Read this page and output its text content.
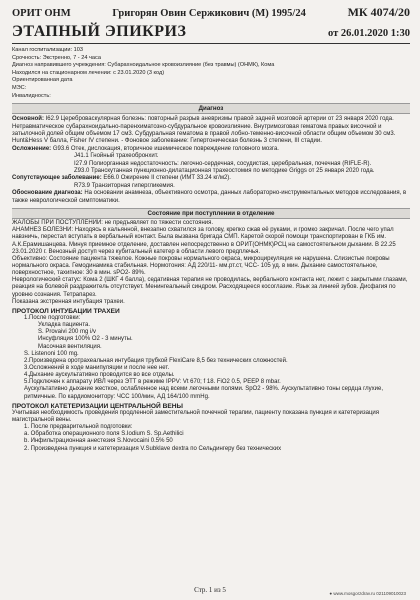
ОРИТ ОНМ	Григорян Овин Серж​икович (М) 1995/24	МК 4074/20
ЭТАПНЫЙ ЭПИКРИЗ	от 26.01.2020 1:30
Канал госпитализации: 103
Срочность: Экстренно, 7 - 24 часа
Диагноз направившего учреждения: Субарахноидальное кровоизлияние (без травмы) (ОНМК), Кома
Находился на стационарном лечении: с 23.01.2020 (3 код)
Ориентированная дата
МЭС:
Инвалидность:
Диагноз

Основной: I62.9 Цереброваскулярная болезнь: повторный разрыв аневризмы правой задней мозговой артерии от 23 января 2020 года. Нетравматическое субарахноидально-паренхиматозно-субдуральное кровоизлияние. Внутримозговая гематома правых височной и затылочной долей общим объемом 17 см3. Субдуральная гематома в правой лобно-теменно-височной области общим объемом 30 см3. Hunt&Hess V балла, Fisher IV степени. - Фоновое заболевание: Гипертоническая болезнь 3 степени, III стадии.

Осложнение: G93.6 Отек, дислокация, вторичное ишемическое повреждение головного мозга.

J41.1 Гнойный трахеобронхит.
I27.9 Полиорганная недостаточность: легочно-сердечная, сосудистая, церебральная, почечная (RIFLE-R).
Z93.0 Транскутанная пункционно-дилатационная трахеостомия по методике Griggs от 25 января 2020 года.

Сопутствующее заболевание: E66.0 Ожирение II степени (ИМТ 33.24 кг/м2).

R73.9 Транзиторная гипергликемия.

Обоснование диагноза: На основании анамнеза, объективного осмотра, данных лабораторно-инструментальных методов исследования, в также неврологической симптоматики.

Состояние при поступлении в отделение

ЖАЛОБЫ ПРИ ПОСТУПЛЕНИИ: не предъявляет по тяжести состояния.

АНАМНЕЗ БОЛЕЗНИ: Находясь в кальянной, внезапно схватился за голову, крепко сжав её руками, и громко закричал. После чего упал навзничь, перестал вступать в вербальный контакт. Была вызвана бригада СМП. Каретой скорой помощи транспортирован в ГКБ им. А.К.Ерамишанцева. Минуя приемное отделение, доставлен непосредственно в ОРИТ(ОНМК)РСЦ на самостоятельном дыхании. В 22.25 23.01.2020 г. Венозный доступ через кубитальный катетер в области левого предплечья.

Объективно: Состояние пациента тяжелое. Кожные покровы нормального окраса, микроциркуляция не нарушена. Слизистые покровы нормального окраса. Гемодинамика стабильная. Нормотония: АД 220/11- мм.рт.ст, ЧСС- 105 уд. в мин. Дыхание самостоятельное, поверхностное, тахипное: 30 в мин. sPO2- 89%.

Неврологический статус: Кома 2 (ШКГ 4 балла), седативная терапия не проводилась, вербального контакта нет, лежит с закрытыми глазами, реакция на болевой раздражитель отсутствует. Менингеальный синдром. Расходящееся косоглазие. Язык за линией зубов. Дисфагия по уровню сознания. Тетрапарез.

Показана экстренная интубация трахеи.

ПРОТОКОЛ ИНТУБАЦИИ ТРАХЕИ
1.После подготовки:
Укладка пациента.
S. Provaivi 200 mg i/v
Инсуфляция 100% O2 - 3 минуты.
Масочная вентиляция.
S. Listenoni 100 mg.
2.Произведена оротрахеальная интубация трубкой FlexiCare 8,5 без технических сложностей.
3.Осложнений в ходе манипуляции и после нее нет.
4.Дыхание аускультативно проводится во все отделы.
5.Подключен к аппарату ИВЛ через ЭТТ в режиме IPPV: Vt 670; f 18. FiO2 0.5, PEEP 8 mbar.
Аускультативно дыхание жесткое, ослабленное над всеми легочными полями. SpO2 - 98%. Аускультативно тоны сердца глухие, ритмичные. По кардиомонитору: ЧСС 100/мин, АД 164/100 mmHg.
ПРОТОКОЛ КАТЕТЕРИЗАЦИИ ЦЕНТРАЛЬНОЙ ВЕНЫ

Учитывая необходимость проведения продленной заместительной почечной терапии, пациенту показана пункция и катетеризация магистральной вены.

1. После предварительной подготовки:
a. Обработка операционного поля S.Iodium S. Sp.Aethilici
b. Инфильтрационная анестезия S.Novocaini 0.5% 50
2. Произведена пункция и катетеризация V.Subklave dextra по Сельдингеру без технических
Стр. 1 из 5	● www.mosgorzdrav.ru 021109010023
